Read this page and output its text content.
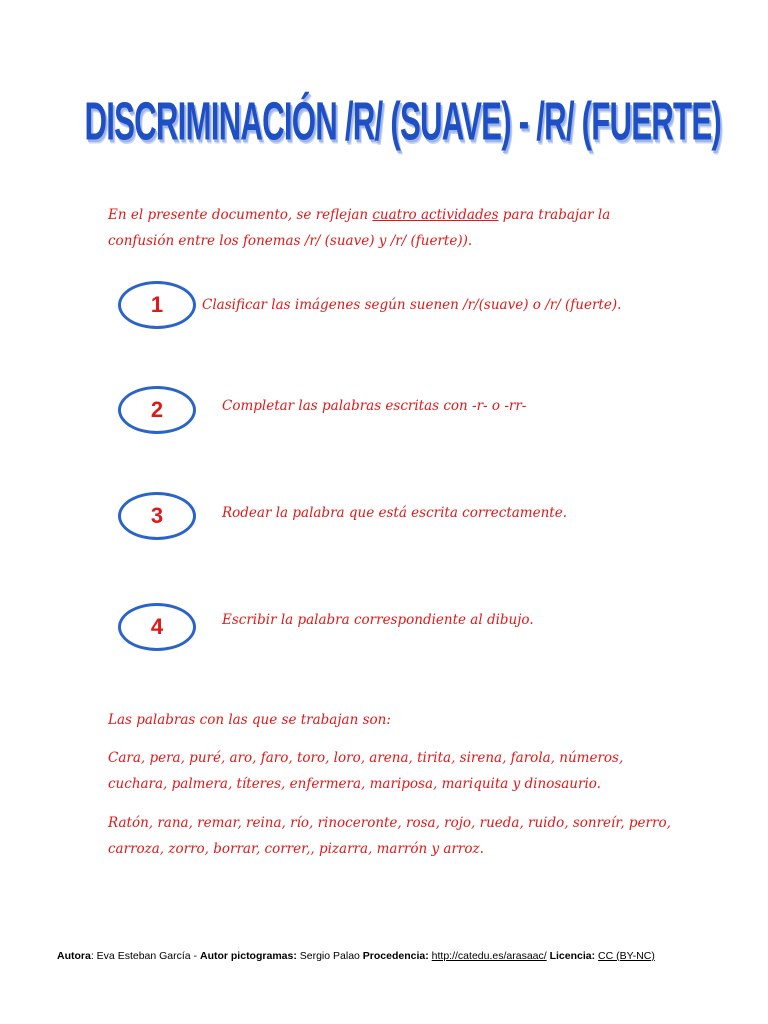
DISCRIMINACIÓN /R/ (SUAVE) - /R/ (FUERTE)

En el presente documento, se reflejan cuatro actividades para trabajar la confusión entre los fonemas /r/ (suave) y /r/ (fuerte)).

1	Clasificar las imágenes según suenen /r/(suave) o /r/ (fuerte).
2	Completar las palabras escritas con -r- o -rr-
3	Rodear la palabra que está escrita correctamente.
4	Escribir la palabra correspondiente al dibujo.
Las palabras con las que se trabajan son:
Cara, pera, puré, aro, faro, toro, loro, arena, tirita, sirena, farola, números, cuchara, palmera, títeres, enfermera, mariposa, mariquita y dinosaurio.
Ratón, rana, remar, reina, río, rinoceronte, rosa, rojo, rueda, ruido, sonreír, perro, carroza, zorro, borrar, correr,, pizarra, marrón y arroz.
Autora: Eva Esteban García - Autor pictogramas: Sergio Palao Procedencia: http://catedu.es/arasaac/ Licencia: CC (BY-NC)
